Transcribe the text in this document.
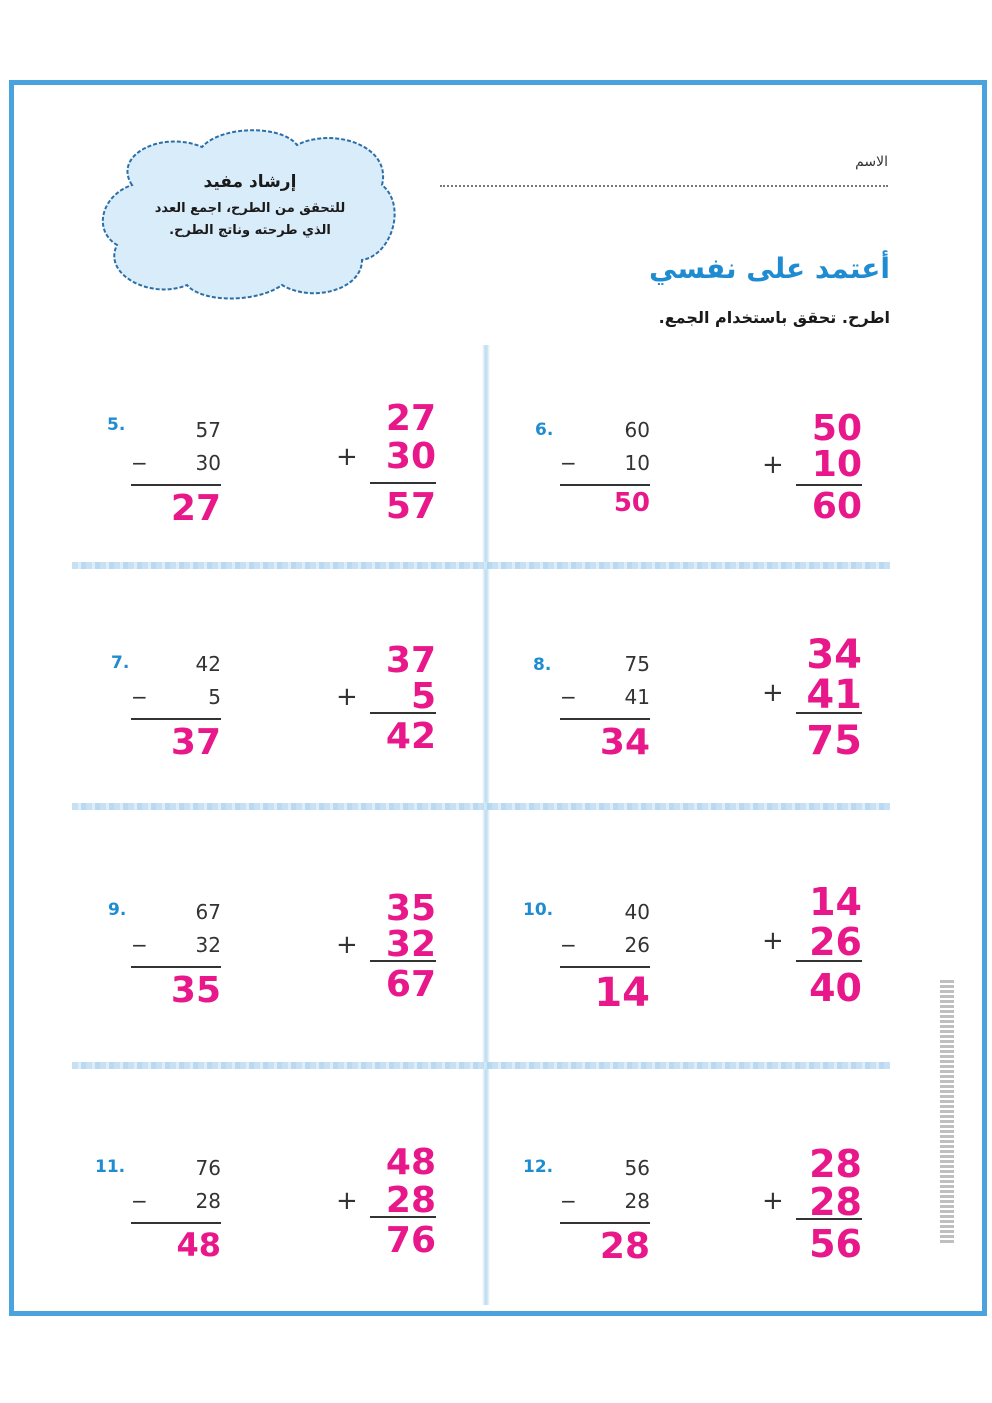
إرشاد مفيد
للتحقق من الطرح، اجمع العدد
الذي طرحته وناتج الطرح.
الاسم
أعتمد على نفسي
اطرح. تحقق باستخدام الجمع.
5.	57
− 30
27
+
27
30
57
6.	60
− 10
50
+
50
10
60
7.	42
−	5
37
+
37
5
42
8.	75
− 41
34
+
34
41
75
9.	67
− 32
35
+
35
32
67
10.	40
− 26
14
+
14
26
40
11.	76
− 28
48
+
48
28
76
12.	56
− 28
28
+
28
28
56
